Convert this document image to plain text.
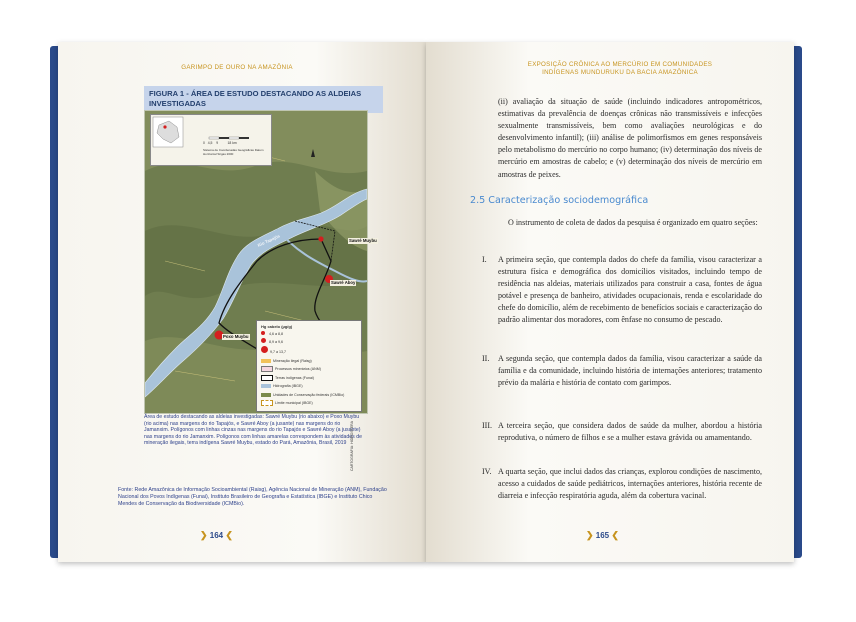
GARIMPO DE OURO NA AMAZÔNIA
FIGURA 1 - ÁREA DE ESTUDO DESTACANDO AS ALDEIAS INVESTIGADAS
0   4,5    9          18 km
Sistema de Coordenadas Geográficas Datum Horizontal Sirgas 2000
Rio Tapajós	Sawré Muybu
Sawré Aboy
Poxo Muybu
Hg cabelo (µg/g)
4,6 a 8,8
8,9 a 9,6
9,7 a 13,7
Mineração ilegal (Raisg)
Processos minerários (ANM)
Terras indígenas (Funai)
Hidrografia (IBGE)
Unidades de Conservação federais (ICMBio)
Limite municipal (IBGE)
Área de estudo destacando as aldeias investigadas: Sawré Muybu (rio abaixo) e Poxo Muybu (rio acima) nas margens do rio Tapajós, e Sawré Aboy (a jusante) nas margens do rio Jamanxim. Polígonos com linhas cinzas nas margens do rio Tapajós e Sawré Aboy (a jusante) nas margens do rio Jamanxim. Polígonos com linhas amarelas correspondem às atividades de mineração ilegais, terra indígena Sawré Muybu, estado do Pará, Amazônia, Brasil, 2019	CARTOGRAFIA: HIDROSFERA
Fonte: Rede Amazônica de Informação Socioambiental (Raisg), Agência Nacional de Mineração (ANM), Fundação Nacional dos Povos Indígenas (Funai), Instituto Brasileiro de Geografia e Estatística (IBGE) e Instituto Chico Mendes de Conservação da Biodiversidade (ICMBio).
❯ 164 ❮
EXPOSIÇÃO CRÔNICA AO MERCÚRIO EM COMUNIDADES
INDÍGENAS MUNDURUKU DA BACIA AMAZÔNICA
(ii) avaliação da situação de saúde (incluindo indicadores antropométricos, estimativas da prevalência de doenças crônicas não transmissíveis e infecções sexualmente transmissíveis, bem como avaliações neurológicas e do desenvolvimento infantil); (iii) análise de polimorfismos em genes responsáveis pelo metabolismo do mercúrio no corpo humano; (iv) determinação dos níveis de mercúrio em amostras de cabelo; e (v) determinação dos níveis de mercúrio em amostras de peixes.
2.5 Caracterização sociodemográfica
O instrumento de coleta de dados da pesquisa é organizado em quatro seções:
I. A primeira seção, que contempla dados do chefe da família, visou caracterizar a estrutura física e demográfica dos domicílios visitados, incluindo tempo de residência nas aldeias, materiais utilizados para construir a casa, fontes de água potável e presença de banheiro, atividades ocupacionais, renda e escolaridade do chefe do domicílio, além de recebimento de benefícios sociais e caracterização do padrão alimentar dos moradores, com ênfase no consumo de pescado.
II. A segunda seção, que contempla dados da família, visou caracterizar a saúde da família e da comunidade, incluindo história de internações anteriores; tratamento prévio da malária e história de contato com garimpos.
III. A terceira seção, que considera dados de saúde da mulher, abordou a história reprodutiva, o número de filhos e se a mulher estava grávida ou amamentando.
IV. A quarta seção, que inclui dados das crianças, explorou condições de nascimento, acesso a cuidados de saúde pediátricos, internações anteriores, história recente de diarreia e infecção respiratória aguda, além da cobertura vacinal.
❯ 165 ❮
